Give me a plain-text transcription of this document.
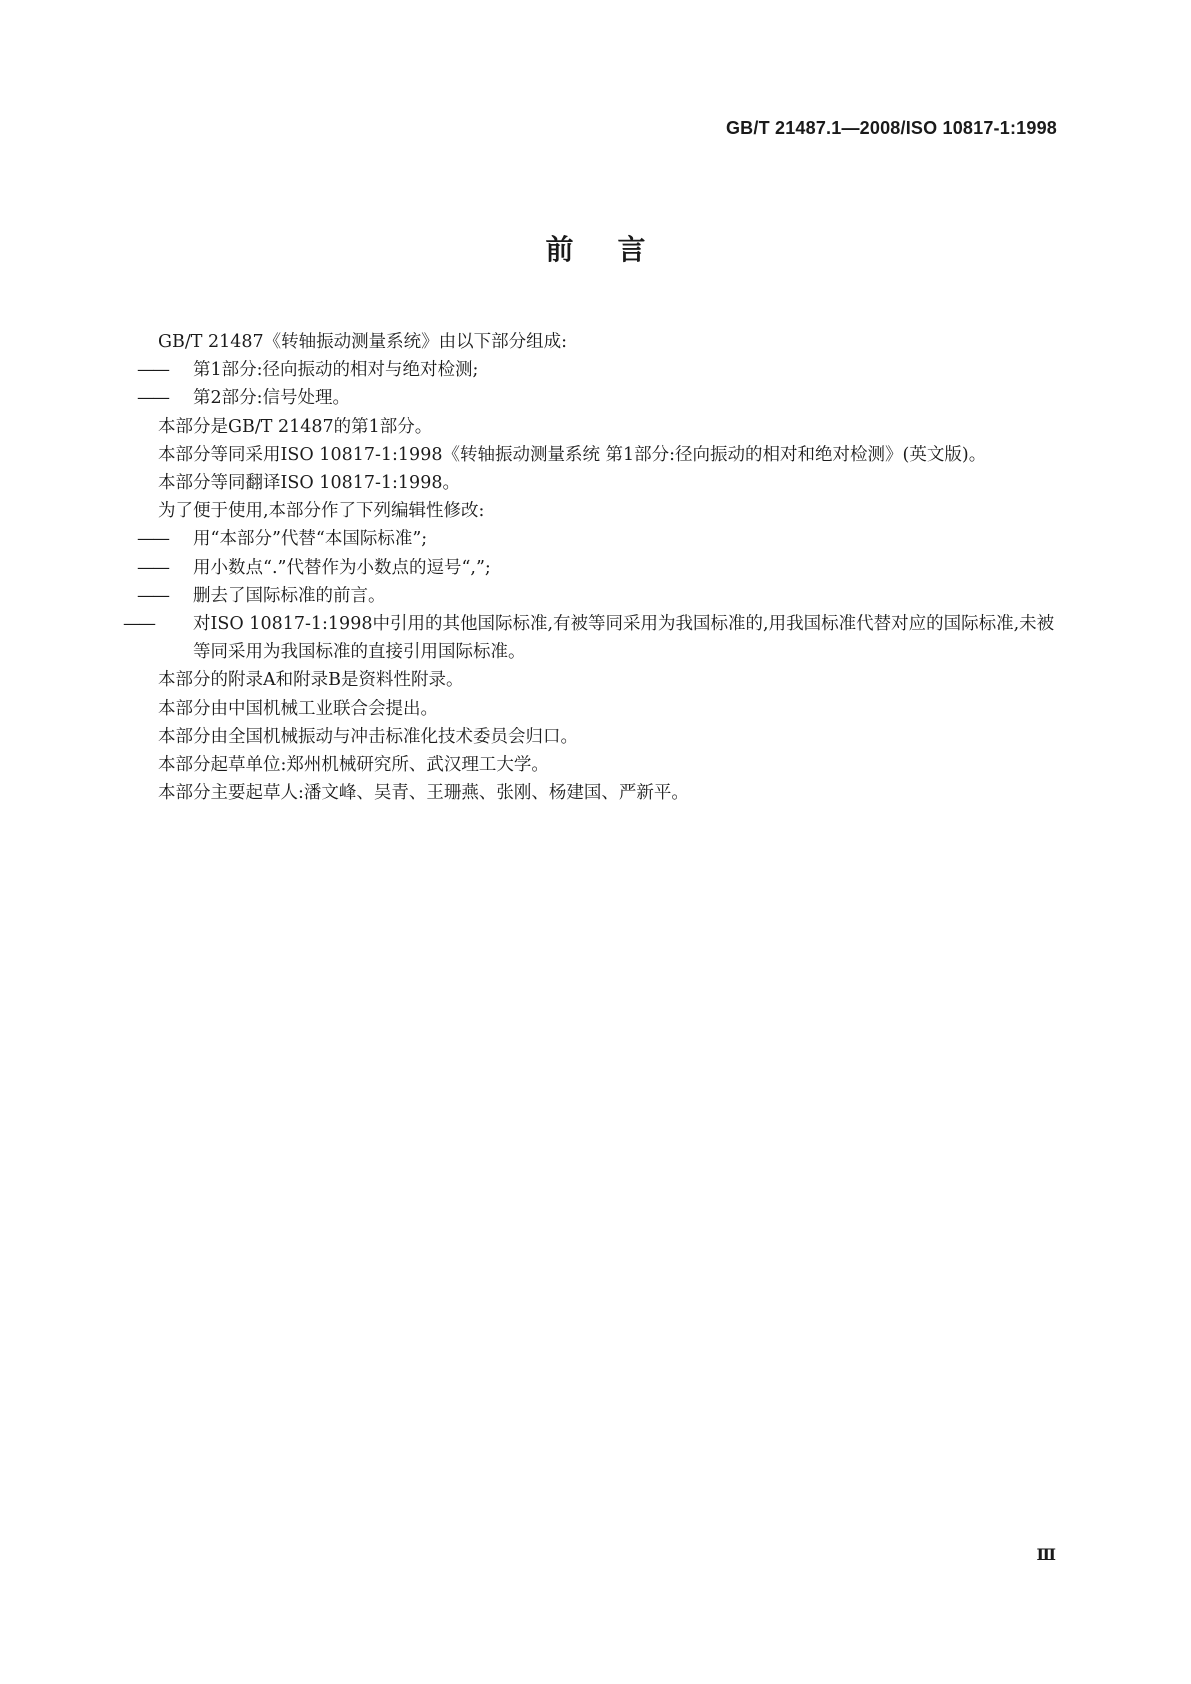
GB/T 21487.1—2008/ISO 10817-1:1998
前言

GB/T 21487《转轴振动测量系统》由以下部分组成:

—— 第1部分:径向振动的相对与绝对检测;

—— 第2部分:信号处理。

本部分是GB/T 21487的第1部分。

本部分等同采用ISO 10817-1:1998《转轴振动测量系统 第1部分:径向振动的相对和绝对检测》(英文版)。

本部分等同翻译ISO 10817-1:1998。

为了便于使用,本部分作了下列编辑性修改:

—— 用“本部分”代替“本国际标准”;

—— 用小数点“.”代替作为小数点的逗号“,”;

—— 删去了国际标准的前言。

—— 对ISO 10817-1:1998中引用的其他国际标准,有被等同采用为我国标准的,用我国标准代替对应的国际标准,未被等同采用为我国标准的直接引用国际标准。

本部分的附录A和附录B是资料性附录。

本部分由中国机械工业联合会提出。

本部分由全国机械振动与冲击标准化技术委员会归口。

本部分起草单位:郑州机械研究所、武汉理工大学。

本部分主要起草人:潘文峰、吴青、王珊燕、张刚、杨建国、严新平。

Ⅲ
